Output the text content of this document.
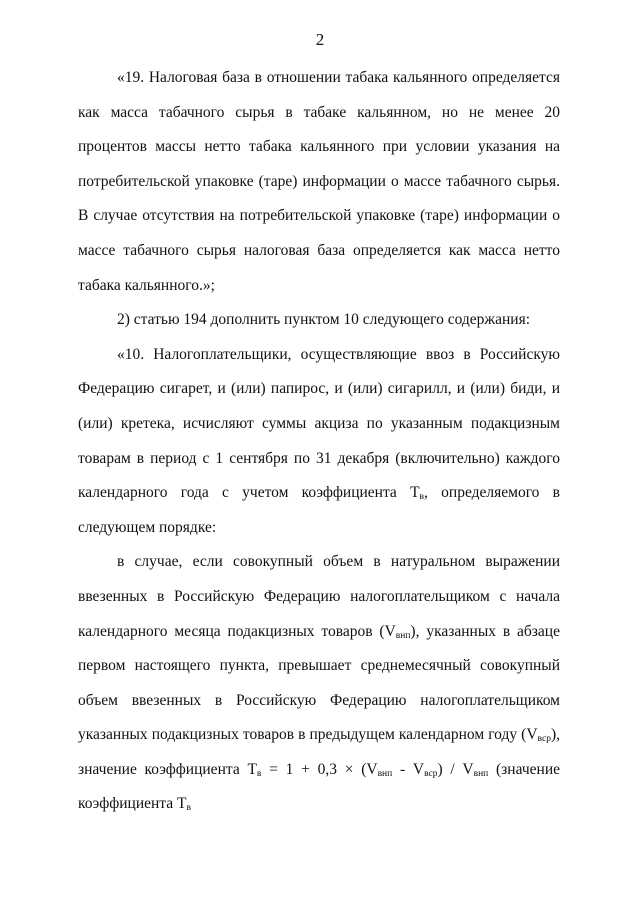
2

«19. Налоговая база в отношении табака кальянного определяется как масса табачного сырья в табаке кальянном, но не менее 20 процентов массы нетто табака кальянного при условии указания на потребительской упаковке (таре) информации о массе табачного сырья. В случае отсутствия на потребительской упаковке (таре) информации о массе табачного сырья налоговая база определяется как масса нетто табака кальянного.»;

2) статью 194 дополнить пунктом 10 следующего содержания:

«10. Налогоплательщики, осуществляющие ввоз в Российскую Федерацию сигарет, и (или) папирос, и (или) сигарилл, и (или) биди, и (или) кретека, исчисляют суммы акциза по указанным подакцизным товарам в период с 1 сентября по 31 декабря (включительно) каждого календарного года с учетом коэффициента $Т_в$, определяемого в следующем порядке:

в случае, если совокупный объем в натуральном выражении ввезенных в Российскую Федерацию налогоплательщиком с начала календарного месяца подакцизных товаров $(V_{внп})$, указанных в абзаце первом настоящего пункта, превышает среднемесячный совокупный объем ввезенных в Российскую Федерацию налогоплательщиком указанных подакцизных товаров в предыдущем календарном году $(V_{вср})$, значение коэффициента $Т_в = 1 + 0,3 \times (V_{внп} - V_{вср}) / V_{внп}$ (значение коэффициента $Т_в$
